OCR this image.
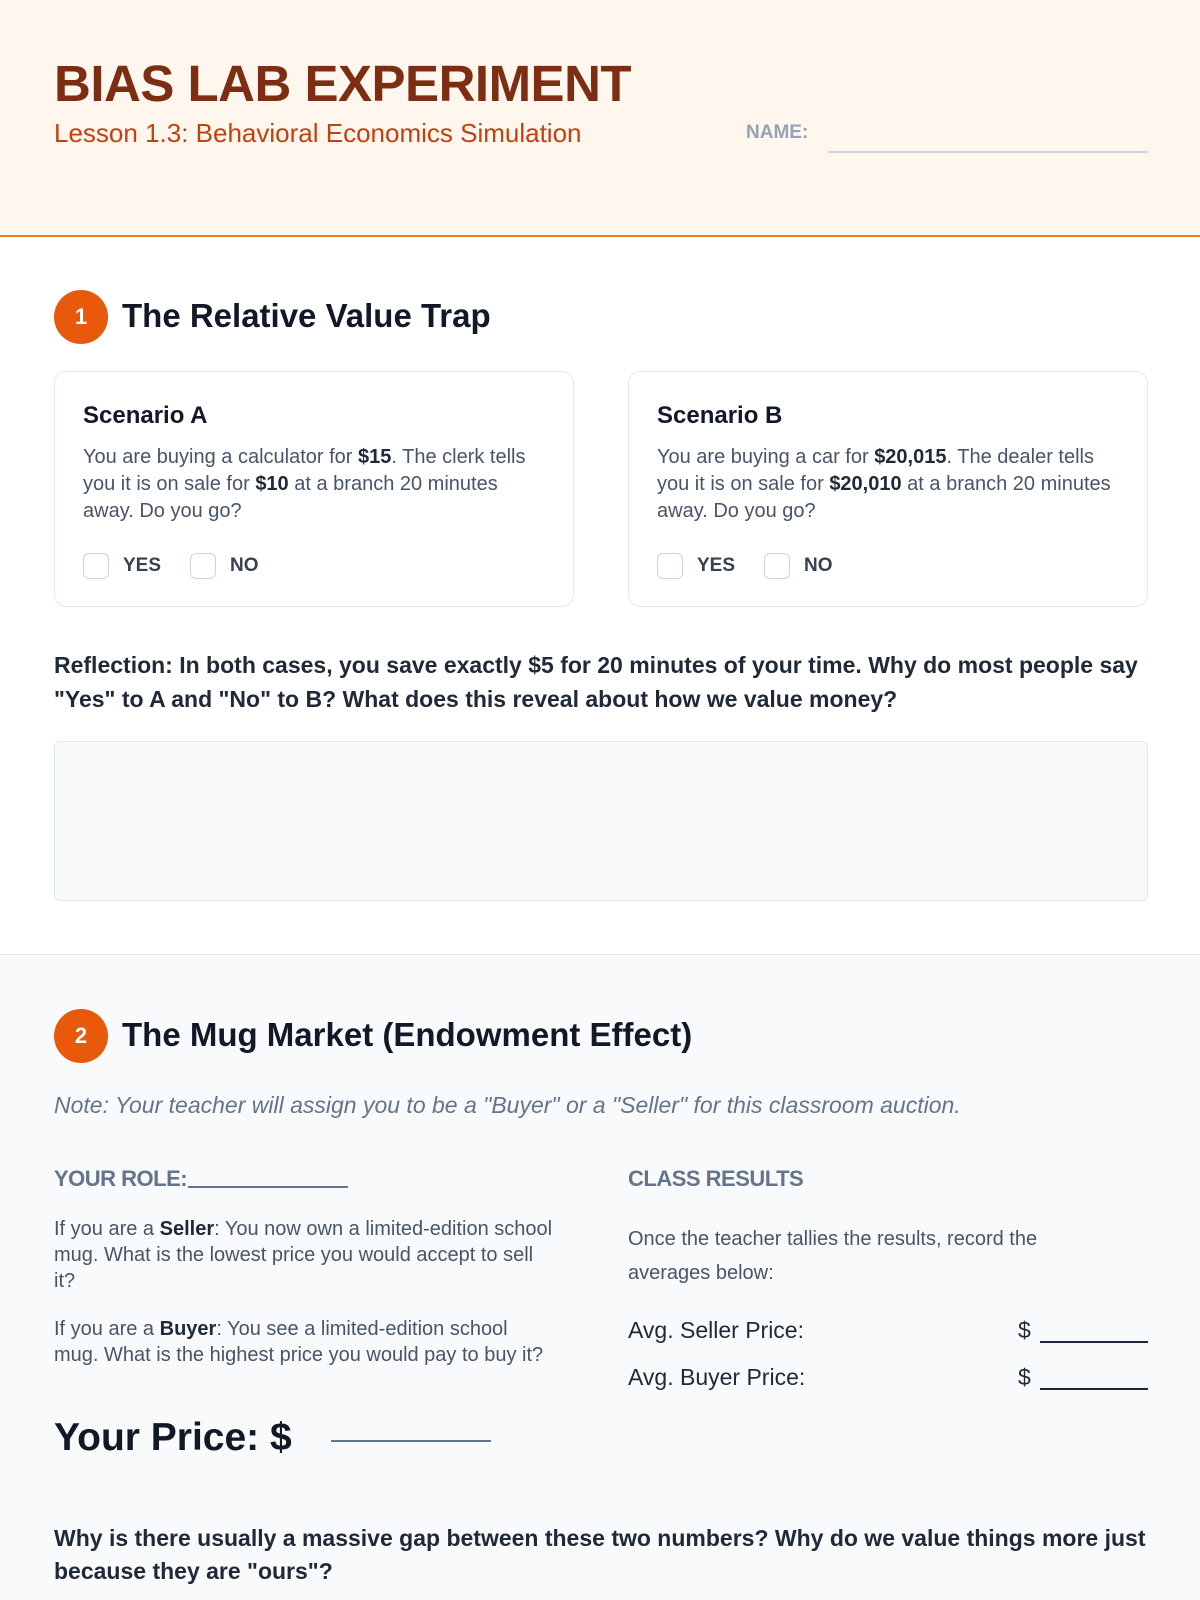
BIAS LAB EXPERIMENT
Lesson 1.3: Behavioral Economics Simulation	NAME:
1	The Relative Value Trap
Scenario A
You are buying a calculator for $15. The clerk tells you it is on sale for $10 at a branch 20 minutes away. Do you go?
YES	NO
Scenario B
You are buying a car for $20,015. The dealer tells you it is on sale for $20,010 at a branch 20 minutes away. Do you go?
YES	NO
Reflection: In both cases, you save exactly $5 for 20 minutes of your time. Why do most people say "Yes" to A and "No" to B? What does this reveal about how we value money?
2	The Mug Market (Endowment Effect)
Note: Your teacher will assign you to be a "Buyer" or a "Seller" for this classroom auction.
YOUR ROLE:
If you are a Seller: You now own a limited-edition school mug. What is the lowest price you would accept to sell it?
If you are a Buyer: You see a limited-edition school mug. What is the highest price you would pay to buy it?
Your Price: $
CLASS RESULTS
Once the teacher tallies the results, record the averages below:
Avg. Seller Price:	$
Avg. Buyer Price:	$
Why is there usually a massive gap between these two numbers? Why do we value things more just because they are "ours"?
